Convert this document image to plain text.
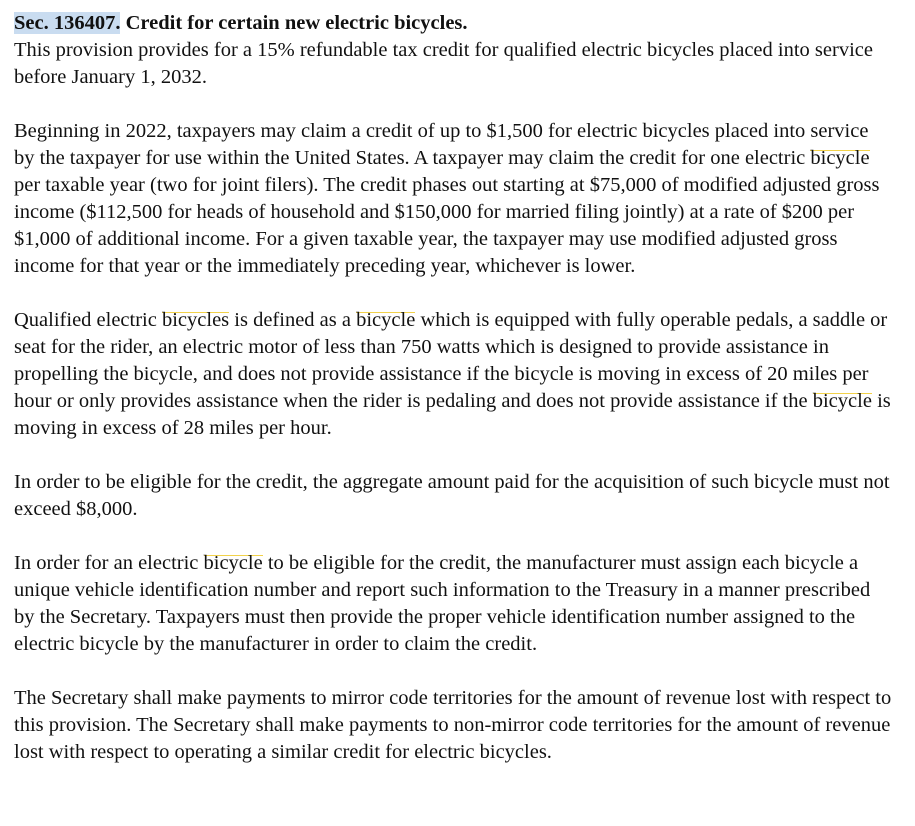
Sec. 136407. Credit for certain new electric bicycles.

This provision provides for a 15% refundable tax credit for qualified electric bicycles placed into service before January 1, 2032.

Beginning in 2022, taxpayers may claim a credit of up to $1,500 for electric bicycles placed into service by the taxpayer for use within the United States. A taxpayer may claim the credit for one electric bicycle per taxable year (two for joint filers). The credit phases out starting at $75,000 of modified adjusted gross income ($112,500 for heads of household and $150,000 for married filing jointly) at a rate of $200 per $1,000 of additional income. For a given taxable year, the taxpayer may use modified adjusted gross income for that year or the immediately preceding year, whichever is lower.

Qualified electric bicycles is defined as a bicycle which is equipped with fully operable pedals, a saddle or seat for the rider, an electric motor of less than 750 watts which is designed to provide assistance in propelling the bicycle, and does not provide assistance if the bicycle is moving in excess of 20 miles per hour or only provides assistance when the rider is pedaling and does not provide assistance if the bicycle is moving in excess of 28 miles per hour.

In order to be eligible for the credit, the aggregate amount paid for the acquisition of such bicycle must not exceed $8,000.

In order for an electric bicycle to be eligible for the credit, the manufacturer must assign each bicycle a unique vehicle identification number and report such information to the Treasury in a manner prescribed by the Secretary. Taxpayers must then provide the proper vehicle identification number assigned to the electric bicycle by the manufacturer in order to claim the credit.

The Secretary shall make payments to mirror code territories for the amount of revenue lost with respect to this provision. The Secretary shall make payments to non-mirror code territories for the amount of revenue lost with respect to operating a similar credit for electric bicycles.
